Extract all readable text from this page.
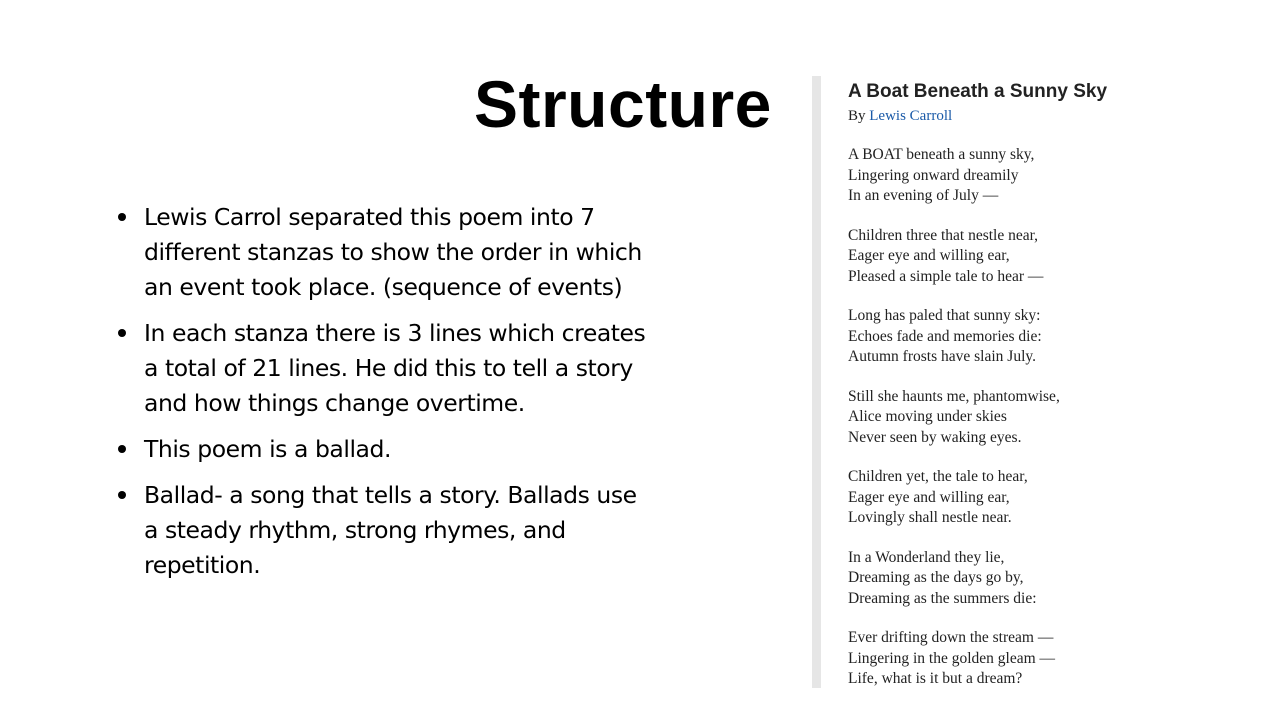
Structure
Lewis Carrol separated this poem into 7 different stanzas to show the order in which an event took place. (sequence of events)
In each stanza there is 3 lines which creates a total of 21 lines. He did this to tell a story and how things change overtime.
This poem is a ballad.
Ballad- a song that tells a story. Ballads use a steady rhythm, strong rhymes, and repetition.

A Boat Beneath a Sunny Sky

By Lewis Carroll

A BOAT beneath a sunny sky,
Lingering onward dreamily
In an evening of July —
Children three that nestle near,
Eager eye and willing ear,
Pleased a simple tale to hear —
Long has paled that sunny sky:
Echoes fade and memories die:
Autumn frosts have slain July.
Still she haunts me, phantomwise,
Alice moving under skies
Never seen by waking eyes.
Children yet, the tale to hear,
Eager eye and willing ear,
Lovingly shall nestle near.
In a Wonderland they lie,
Dreaming as the days go by,
Dreaming as the summers die:
Ever drifting down the stream —
Lingering in the golden gleam —
Life, what is it but a dream?
